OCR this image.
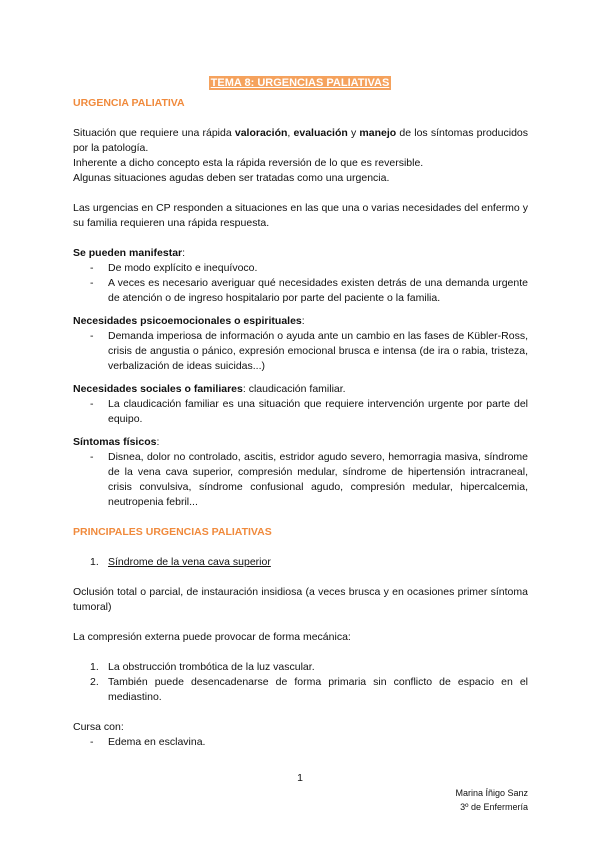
TEMA 8: URGENCIAS PALIATIVAS

URGENCIA PALIATIVA

Situación que requiere una rápida valoración, evaluación y manejo de los síntomas producidos por la patología.

Inherente a dicho concepto esta la rápida reversión de lo que es reversible.

Algunas situaciones agudas deben ser tratadas como una urgencia.

Las urgencias en CP responden a situaciones en las que una o varias necesidades del enfermo y su familia requieren una rápida respuesta.

Se pueden manifestar:

- De modo explícito e inequívoco.
- A veces es necesario averiguar qué necesidades existen detrás de una demanda urgente de atención o de ingreso hospitalario por parte del paciente o la familia.

Necesidades psicoemocionales o espirituales:

- Demanda imperiosa de información o ayuda ante un cambio en las fases de Kübler-Ross, crisis de angustia o pánico, expresión emocional brusca e intensa (de ira o rabia, tristeza, verbalización de ideas suicidas...)

Necesidades sociales o familiares: claudicación familiar.

- La claudicación familiar es una situación que requiere intervención urgente por parte del equipo.

Síntomas físicos:

- Disnea, dolor no controlado, ascitis, estridor agudo severo, hemorragia masiva, síndrome de la vena cava superior, compresión medular, síndrome de hipertensión intracraneal, crisis convulsiva, síndrome confusional agudo, compresión medular, hipercalcemia, neutropenia febril...

PRINCIPALES URGENCIAS PALIATIVAS

1. Síndrome de la vena cava superior

Oclusión total o parcial, de instauración insidiosa (a veces brusca y en ocasiones primer síntoma tumoral)

La compresión externa puede provocar de forma mecánica:

1. La obstrucción trombótica de la luz vascular.
2. También puede desencadenarse de forma primaria sin conflicto de espacio en el mediastino.

Cursa con:

- Edema en esclavina.
1
Marina Íñigo Sanz
3º de Enfermería
